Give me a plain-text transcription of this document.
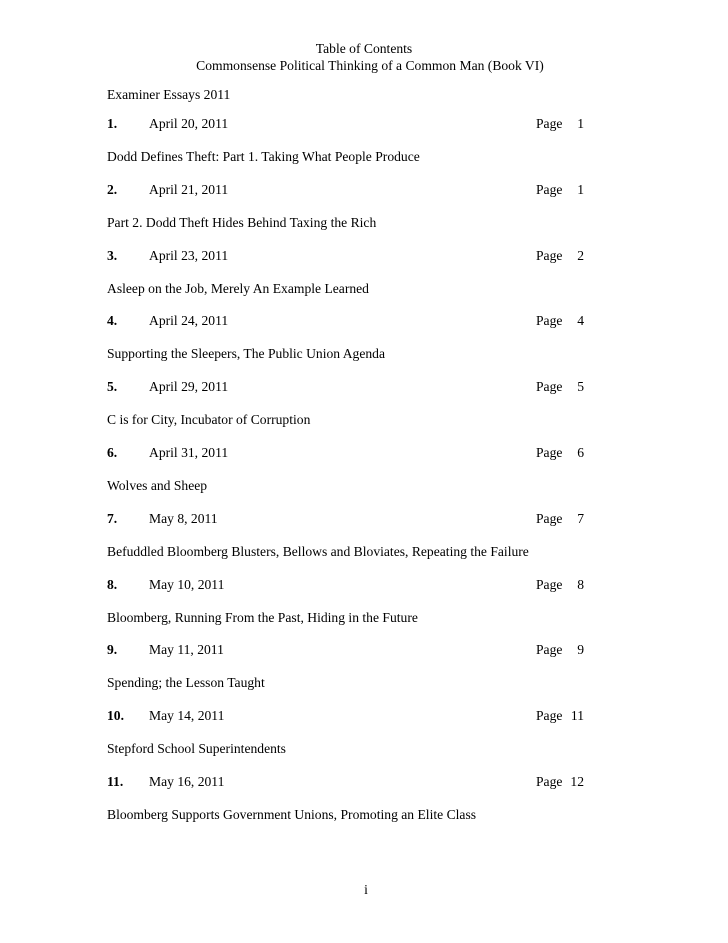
Table of Contents
Commonsense Political Thinking of a Common Man (Book VI)
Examiner Essays 2011
1. April 20, 2011	Page	1
Dodd Defines Theft: Part 1. Taking What People Produce
2. April 21, 2011	Page	1
Part 2. Dodd Theft Hides Behind Taxing the Rich
3. April 23, 2011	Page	2
Asleep on the Job, Merely An Example Learned
4. April 24, 2011	Page	4
Supporting the Sleepers, The Public Union Agenda
5. April 29, 2011	Page	5
C is for City, Incubator of Corruption
6. April 31, 2011	Page	6
Wolves and Sheep
7. May 8, 2011	Page	7
Befuddled Bloomberg Blusters, Bellows and Bloviates, Repeating the Failure
8. May 10, 2011	Page	8
Bloomberg, Running From the Past, Hiding in the Future
9. May 11, 2011	Page	9
Spending; the Lesson Taught
10. May 14, 2011	Page 11
Stepford School Superintendents
11. May 16, 2011	Page 12
Bloomberg Supports Government Unions, Promoting an Elite Class
i
